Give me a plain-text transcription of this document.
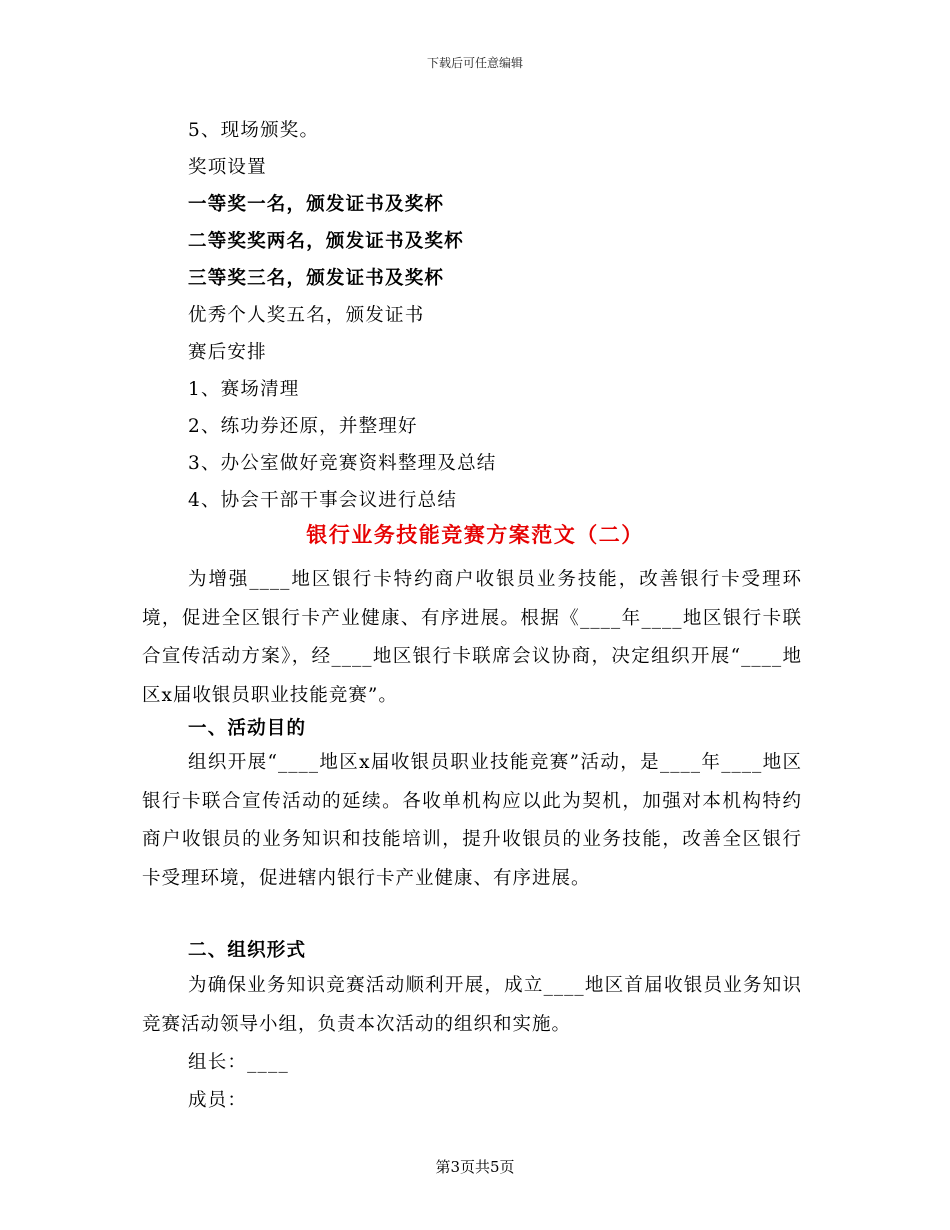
下载后可任意编辑
5、现场颁奖。
奖项设置
一等奖一名，颁发证书及奖杯
二等奖奖两名，颁发证书及奖杯
三等奖三名，颁发证书及奖杯
优秀个人奖五名，颁发证书
赛后安排
1、赛场清理
2、练功券还原，并整理好
3、办公室做好竞赛资料整理及总结
4、协会干部干事会议进行总结
银行业务技能竞赛方案范文（二）
为增强____地区银行卡特约商户收银员业务技能，改善银行卡受理环境，促进全区银行卡产业健康、有序进展。根据《____年____地区银行卡联合宣传活动方案》，经____地区银行卡联席会议协商，决定组织开展“____地区x届收银员职业技能竞赛”。
一、活动目的
组织开展“____地区x届收银员职业技能竞赛”活动，是____年____地区银行卡联合宣传活动的延续。各收单机构应以此为契机，加强对本机构特约商户收银员的业务知识和技能培训，提升收银员的业务技能，改善全区银行卡受理环境，促进辖内银行卡产业健康、有序进展。
二、组织形式
为确保业务知识竞赛活动顺利开展，成立____地区首届收银员业务知识竞赛活动领导小组，负责本次活动的组织和实施。
组长：____
成员：
第3页共5页
